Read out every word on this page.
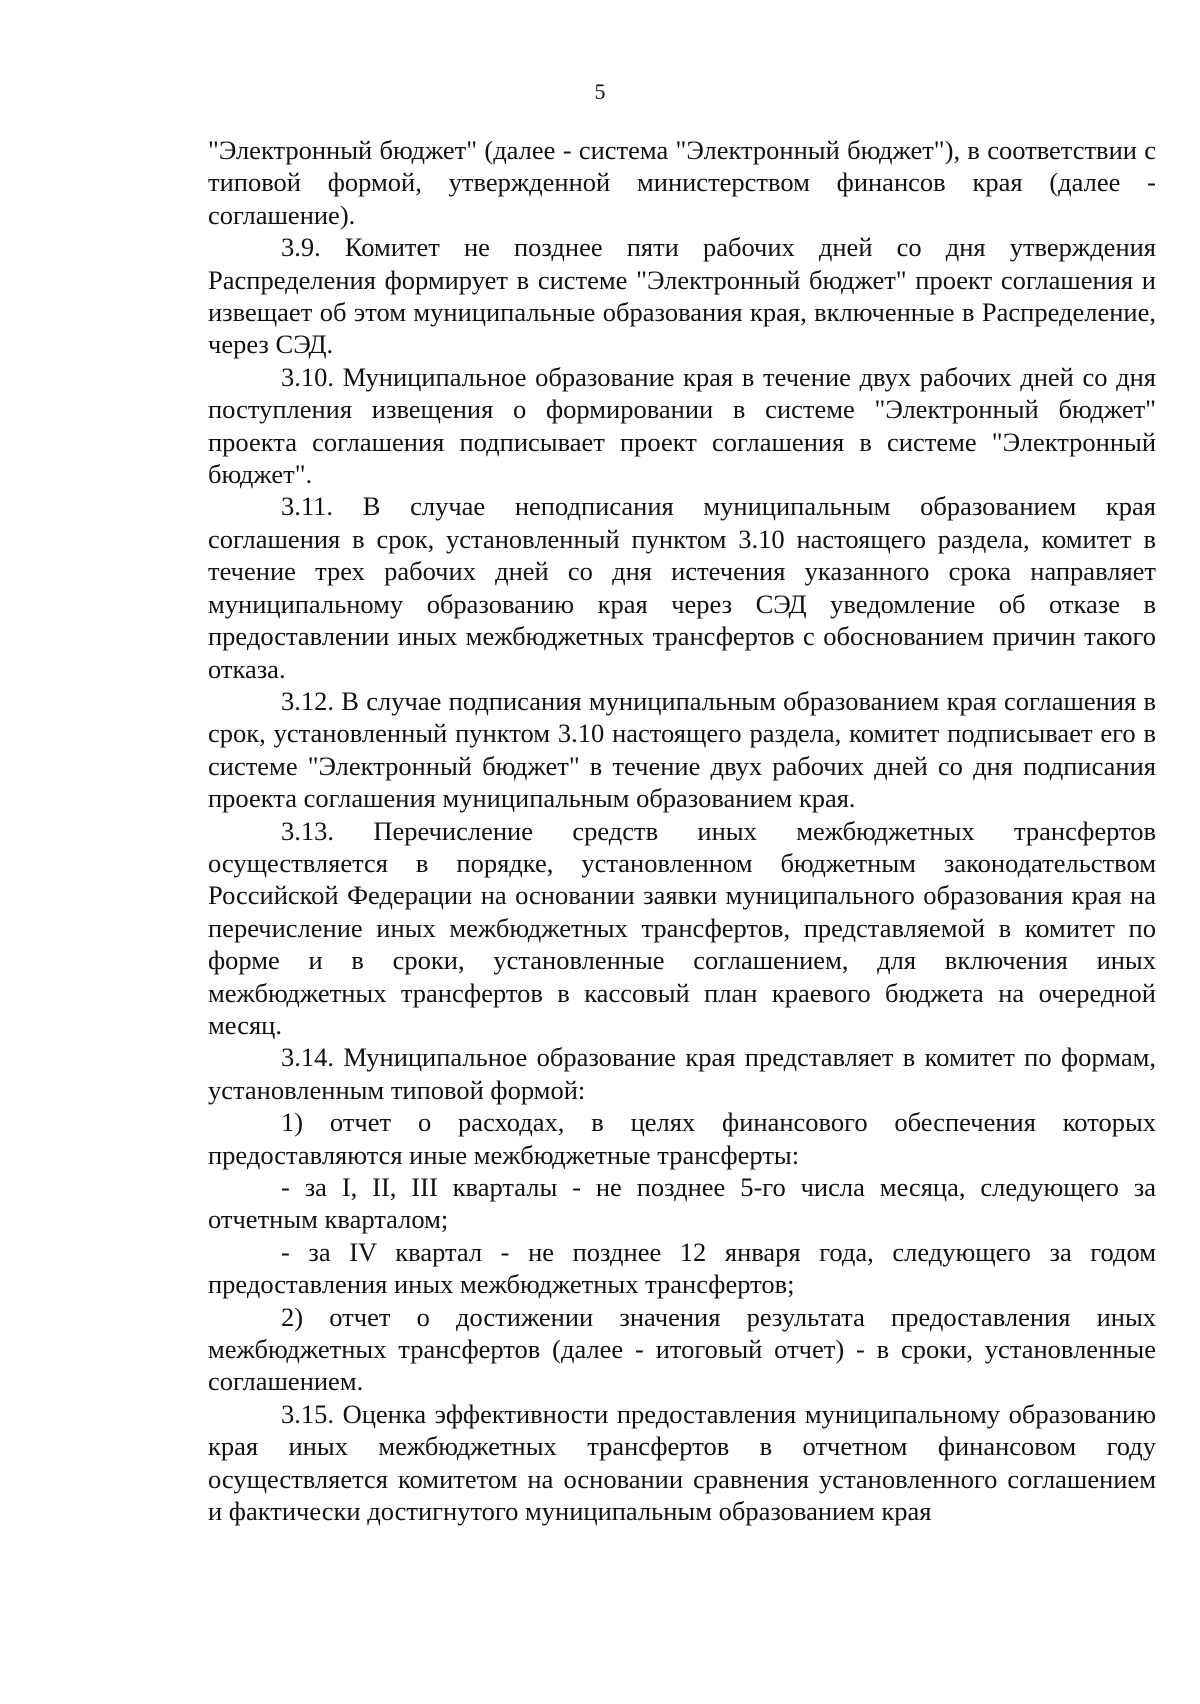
5

"Электронный бюджет" (далее - система "Электронный бюджет"), в соответствии с типовой формой, утвержденной министерством финансов края (далее - соглашение).

3.9. Комитет не позднее пяти рабочих дней со дня утверждения Распределения формирует в системе "Электронный бюджет" проект соглашения и извещает об этом муниципальные образования края, включенные в Распределение, через СЭД.

3.10. Муниципальное образование края в течение двух рабочих дней со дня поступления извещения о формировании в системе "Электронный бюджет" проекта соглашения подписывает проект соглашения в системе "Электронный бюджет".

3.11. В случае неподписания муниципальным образованием края соглашения в срок, установленный пунктом 3.10 настоящего раздела, комитет в течение трех рабочих дней со дня истечения указанного срока направляет муниципальному образованию края через СЭД уведомление об отказе в предоставлении иных межбюджетных трансфертов с обоснованием причин такого отказа.

3.12. В случае подписания муниципальным образованием края соглашения в срок, установленный пунктом 3.10 настоящего раздела, комитет подписывает его в системе "Электронный бюджет" в течение двух рабочих дней со дня подписания проекта соглашения муниципальным образованием края.

3.13. Перечисление средств иных межбюджетных трансфертов осуществляется в порядке, установленном бюджетным законодательством Российской Федерации на основании заявки муниципального образования края на перечисление иных межбюджетных трансфертов, представляемой в комитет по форме и в сроки, установленные соглашением, для включения иных межбюджетных трансфертов в кассовый план краевого бюджета на очередной месяц.

3.14. Муниципальное образование края представляет в комитет по формам, установленным типовой формой:

1) отчет о расходах, в целях финансового обеспечения которых предоставляются иные межбюджетные трансферты:

- за I, II, III кварталы - не позднее 5-го числа месяца, следующего за отчетным кварталом;

- за IV квартал - не позднее 12 января года, следующего за годом предоставления иных межбюджетных трансфертов;

2) отчет о достижении значения результата предоставления иных межбюджетных трансфертов (далее - итоговый отчет) - в сроки, установленные соглашением.

3.15. Оценка эффективности предоставления муниципальному образованию края иных межбюджетных трансфертов в отчетном финансовом году осуществляется комитетом на основании сравнения установленного соглашением и фактически достигнутого муниципальным образованием края
